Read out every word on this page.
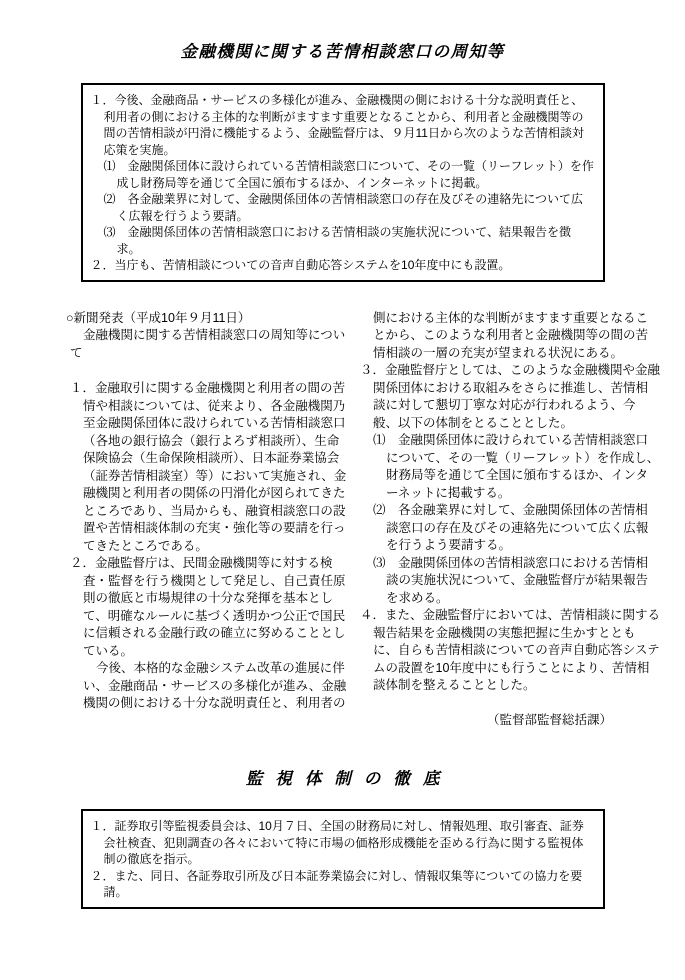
金融機関に関する苦情相談窓口の周知等
１．今後、金融商品・サービスの多様化が進み、金融機関の側における十分な説明責任と、利用者の側における主体的な判断がますます重要となることから、利用者と金融機関等の間の苦情相談が円滑に機能するよう、金融監督庁は、９月11日から次のような苦情相談対応策を実施。
⑴　金融関係団体に設けられている苦情相談窓口について、その一覧（リーフレット）を作成し財務局等を通じて全国に頒布するほか、インターネットに掲載。
⑵　各金融業界に対して、金融関係団体の苦情相談窓口の存在及びその連絡先について広く広報を行うよう要請。
⑶　金融関係団体の苦情相談窓口における苦情相談の実施状況について、結果報告を徴求。
２．当庁も、苦情相談についての音声自動応答システムを10年度中にも設置。
○新聞発表（平成10年９月11日）
金融機関に関する苦情相談窓口の周知等について
１．金融取引に関する金融機関と利用者の間の苦情や相談については、従来より、各金融機関乃至金融関係団体に設けられている苦情相談窓口（各地の銀行協会（銀行よろず相談所）、生命保険協会（生命保険相談所）、日本証券業協会（証券苦情相談室）等）において実施され、金融機関と利用者の関係の円滑化が図られてきたところであり、当局からも、融資相談窓口の設置や苦情相談体制の充実・強化等の要請を行ってきたところである。
２．金融監督庁は、民間金融機関等に対する検査・監督を行う機関として発足し、自己責任原則の徹底と市場規律の十分な発揮を基本として、明確なルールに基づく透明かつ公正で国民に信頼される金融行政の確立に努めることとしている。
今後、本格的な金融システム改革の進展に伴い、金融商品・サービスの多様化が進み、金融機関の側における十分な説明責任と、利用者の
側における主体的な判断がますます重要となることから、このような利用者と金融機関等の間の苦情相談の一層の充実が望まれる状況にある。
３．金融監督庁としては、このような金融機関や金融関係団体における取組みをさらに推進し、苦情相談に対して懇切丁寧な対応が行われるよう、今般、以下の体制をとることとした。
⑴　金融関係団体に設けられている苦情相談窓口について、その一覧（リーフレット）を作成し、財務局等を通じて全国に頒布するほか、インターネットに掲載する。
⑵　各金融業界に対して、金融関係団体の苦情相談窓口の存在及びその連絡先について広く広報を行うよう要請する。
⑶　金融関係団体の苦情相談窓口における苦情相談の実施状況について、金融監督庁が結果報告を求める。
４．また、金融監督庁においては、苦情相談に関する報告結果を金融機関の実態把握に生かすとともに、自らも苦情相談についての音声自動応答システムの設置を10年度中にも行うことにより、苦情相談体制を整えることとした。
（監督部監督総括課）
監視体制の徹底
１．証券取引等監視委員会は、10月７日、全国の財務局に対し、情報処理、取引審査、証券会社検査、犯則調査の各々において特に市場の価格形成機能を歪める行為に関する監視体制の徹底を指示。
２．また、同日、各証券取引所及び日本証券業協会に対し、情報収集等についての協力を要請。
